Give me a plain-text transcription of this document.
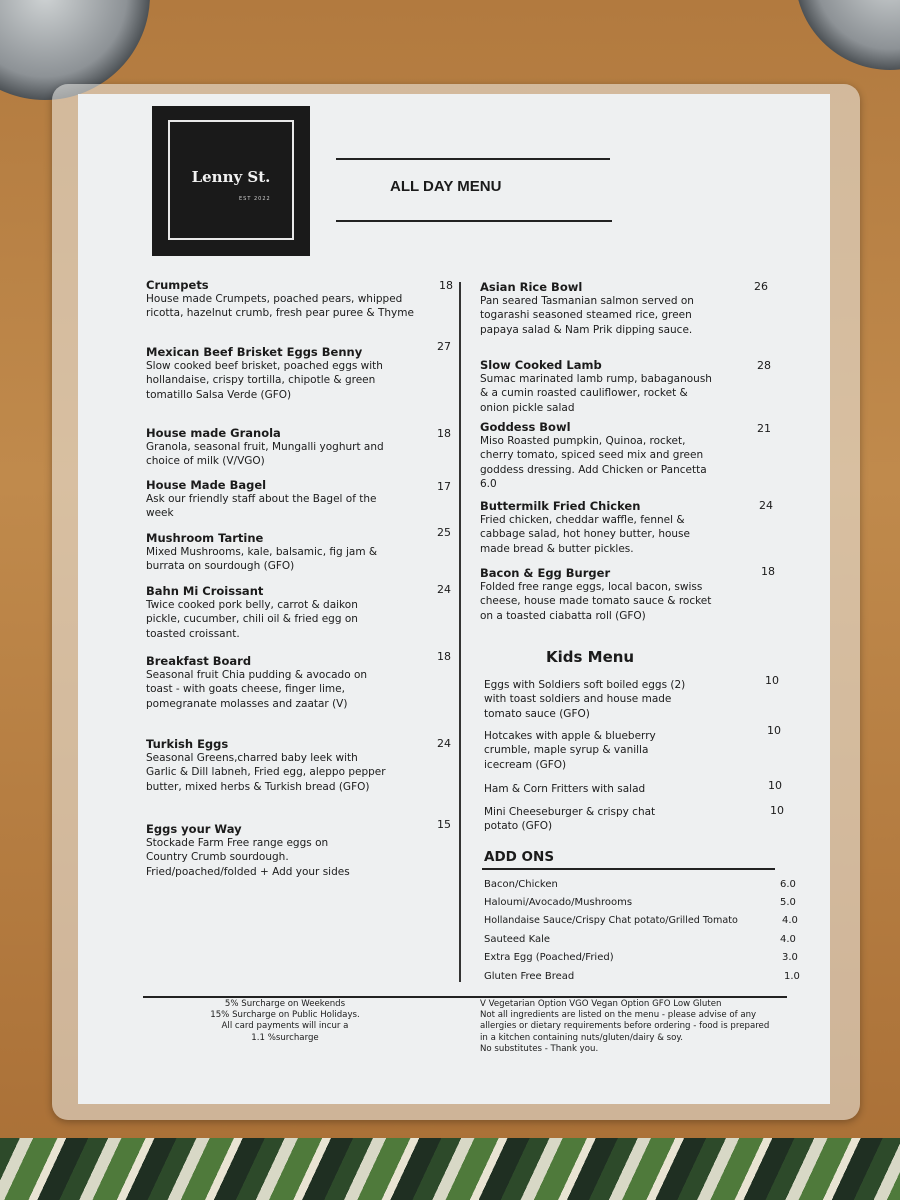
Lenny St.
EST 2022
ALL DAY MENU
Crumpets
House made Crumpets, poached pears, whipped ricotta, hazelnut crumb, fresh pear puree & Thyme
18
Mexican Beef Brisket Eggs Benny
Slow cooked beef brisket, poached eggs with hollandaise, crispy tortilla, chipotle & green tomatillo Salsa Verde (GFO)
27
House made Granola
Granola, seasonal fruit, Mungalli yoghurt and choice of milk (V/VGO)
18
House Made Bagel
Ask our friendly staff about the Bagel of the week
17
Mushroom Tartine
Mixed Mushrooms, kale, balsamic, fig jam & burrata on sourdough (GFO)
25
Bahn Mi Croissant
Twice cooked pork belly, carrot & daikon pickle, cucumber, chili oil & fried egg on toasted croissant.
24
Breakfast Board
Seasonal fruit Chia pudding & avocado on toast - with goats cheese, finger lime, pomegranate molasses and zaatar (V)
18
Turkish Eggs
Seasonal Greens,charred baby leek with Garlic & Dill labneh, Fried egg, aleppo pepper butter, mixed herbs & Turkish bread (GFO)
24
Eggs your Way
Stockade Farm Free range eggs on Country Crumb sourdough. Fried/poached/folded + Add your sides
15
Asian Rice Bowl
Pan seared Tasmanian salmon served on togarashi seasoned steamed rice, green papaya salad & Nam Prik dipping sauce.
26
Slow Cooked Lamb
Sumac marinated lamb rump, babaganoush & a cumin roasted cauliflower, rocket & onion pickle salad
28
Goddess Bowl
Miso Roasted pumpkin, Quinoa, rocket, cherry tomato, spiced seed mix and green goddess dressing. Add Chicken or Pancetta 6.0
21
Buttermilk Fried Chicken
Fried chicken, cheddar waffle, fennel & cabbage salad, hot honey butter, house made bread & butter pickles.
24
Bacon & Egg Burger
Folded free range eggs, local bacon, swiss cheese, house made tomato sauce & rocket on a toasted ciabatta roll (GFO)
18
Kids Menu
Eggs with Soldiers soft boiled eggs (2) with toast soldiers and house made tomato sauce (GFO)
10
Hotcakes with apple & blueberry crumble, maple syrup & vanilla icecream (GFO)
10
Ham & Corn Fritters with salad	10
Mini Cheeseburger & crispy chat potato (GFO)
10
ADD ONS
Bacon/Chicken	6.0
Haloumi/Avocado/Mushrooms	5.0
Hollandaise Sauce/Crispy Chat potato/Grilled Tomato	4.0
Sauteed Kale	4.0
Extra Egg (Poached/Fried)	3.0
Gluten Free Bread	1.0
5% Surcharge on Weekends
15% Surcharge on Public Holidays.
All card payments will incur a
1.1 %surcharge
V Vegetarian Option VGO Vegan Option GFO Low Gluten
Not all ingredients are listed on the menu - please advise of any
allergies or dietary requirements before ordering - food is prepared
in a kitchen containing nuts/gluten/dairy & soy.
No substitutes - Thank you.
